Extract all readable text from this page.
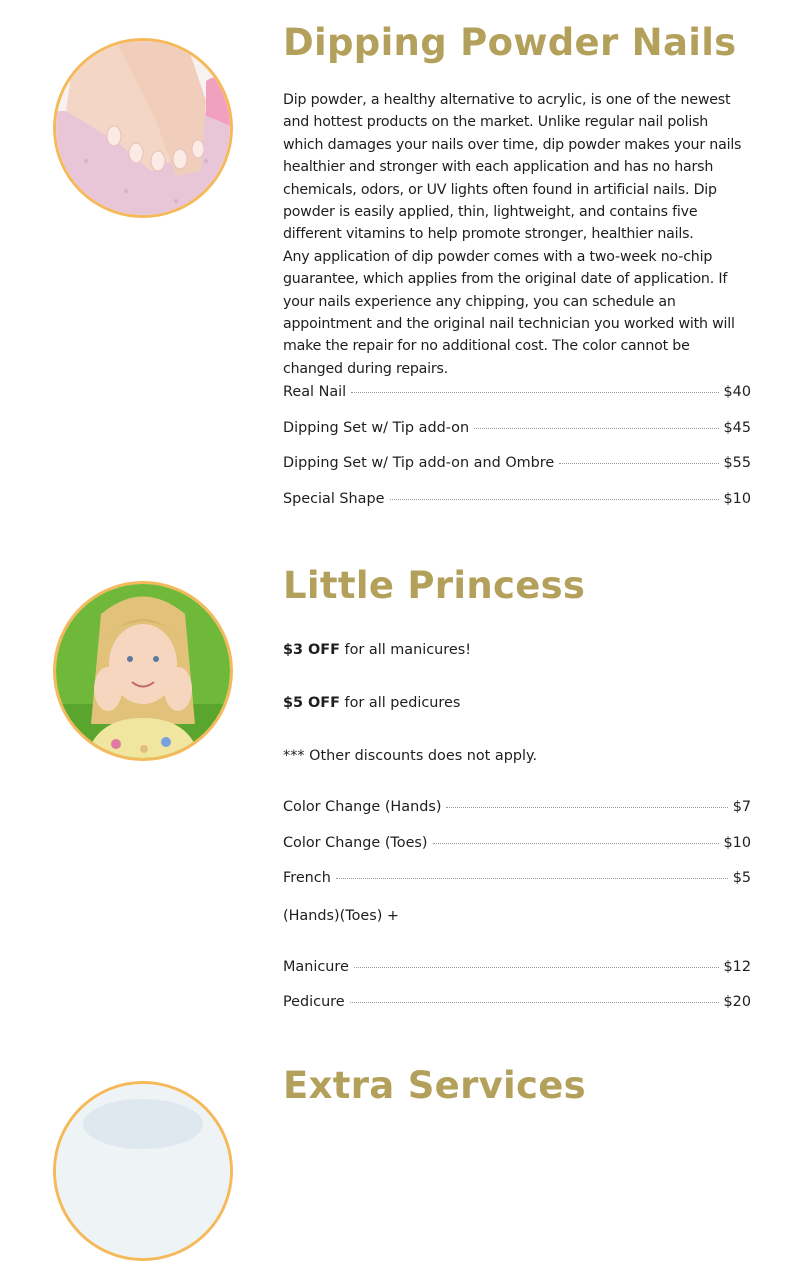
Dipping Powder Nails

Dip powder, a healthy alternative to acrylic, is one of the newest and hottest products on the market. Unlike regular nail polish which damages your nails over time, dip powder makes your nails healthier and stronger with each application and has no harsh chemicals, odors, or UV lights often found in artificial nails. Dip powder is easily applied, thin, lightweight, and contains five different vitamins to help promote stronger, healthier nails.

Any application of dip powder comes with a two-week no-chip guarantee, which applies from the original date of application. If your nails experience any chipping, you can schedule an appointment and the original nail technician you worked with will make the repair for no additional cost. The color cannot be changed during repairs.

Real Nail	$40
Dipping Set w/ Tip add-on	$45
Dipping Set w/ Tip add-on and Ombre	$55
Special Shape	$10
Little Princess
$3 OFF for all manicures!
$5 OFF for all pedicures
*** Other discounts does not apply.
Color Change (Hands)	$7
Color Change (Toes)	$10
French	$5
(Hands)(Toes) +
Manicure	$12
Pedicure	$20
Extra Services
